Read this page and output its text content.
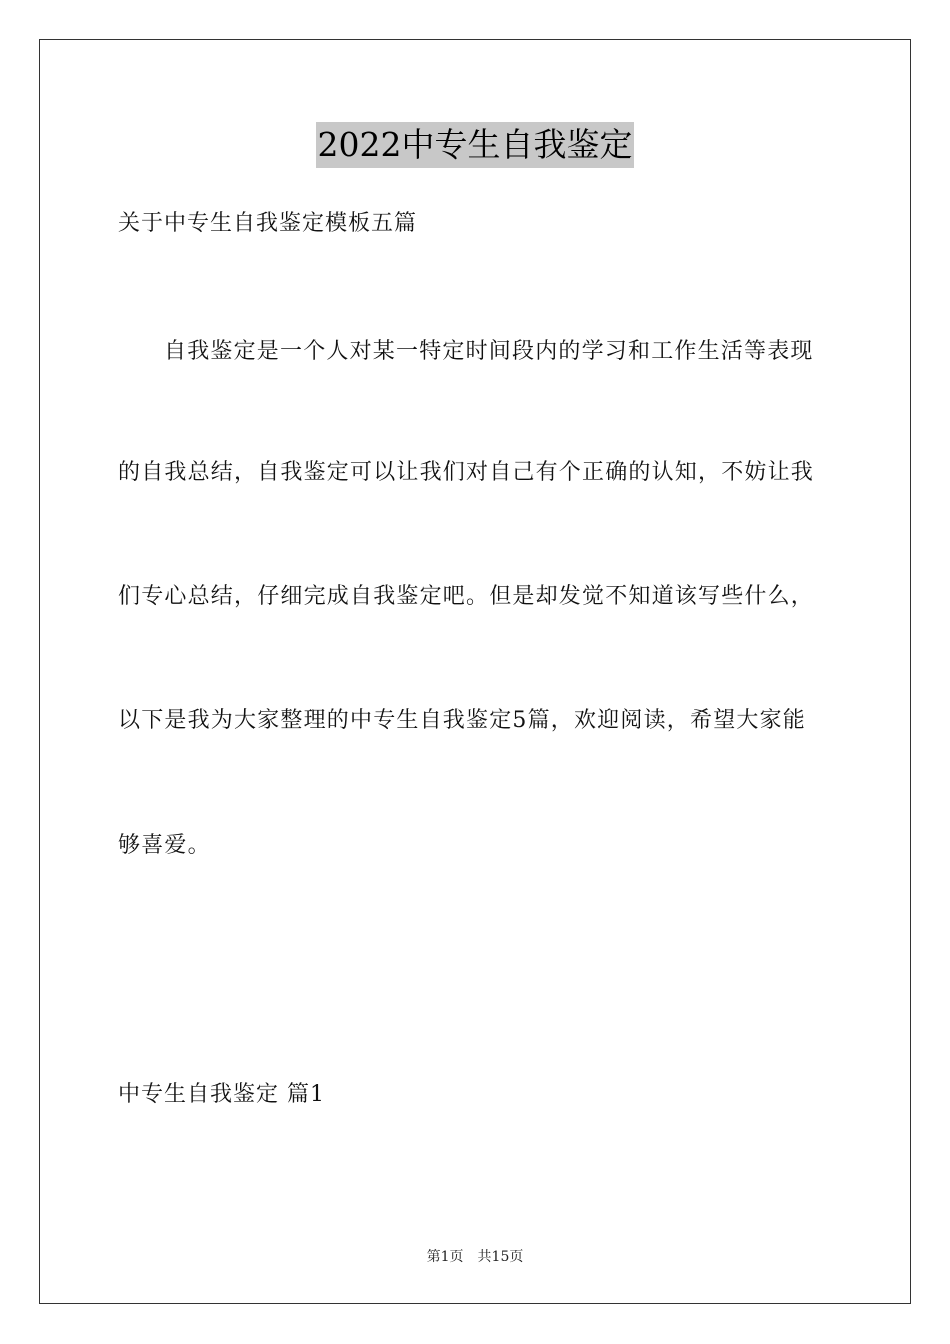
2022中专生自我鉴定

关于中专生自我鉴定模板五篇

自我鉴定是一个人对某一特定时间段内的学习和工作生活等表现

的自我总结，自我鉴定可以让我们对自己有个正确的认知，不妨让我

们专心总结，仔细完成自我鉴定吧。但是却发觉不知道该写些什么，

以下是我为大家整理的中专生自我鉴定5篇，欢迎阅读，希望大家能

够喜爱。

中专生自我鉴定 篇1

第1页 共15页
